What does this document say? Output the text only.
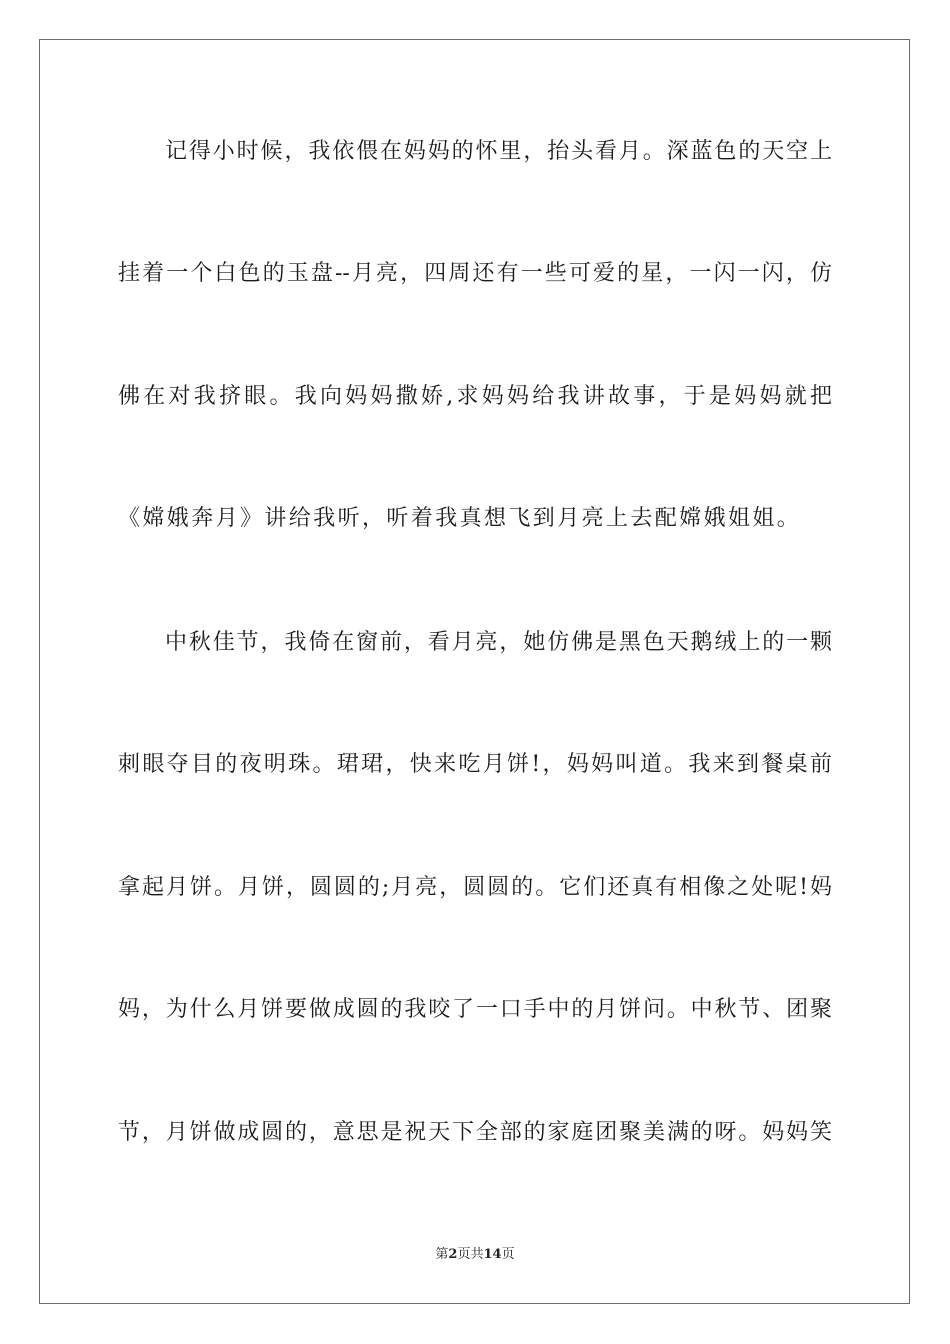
记得小时候，我依偎在妈妈的怀里，抬头看月。深蓝色的天空上
挂着一个白色的玉盘--月亮，四周还有一些可爱的星，一闪一闪，仿
佛在对我挤眼。我向妈妈撒娇,求妈妈给我讲故事，于是妈妈就把
《嫦娥奔月》讲给我听，听着我真想飞到月亮上去配嫦娥姐姐。
中秋佳节，我倚在窗前，看月亮，她仿佛是黑色天鹅绒上的一颗
刺眼夺目的夜明珠。珺珺，快来吃月饼!，妈妈叫道。我来到餐桌前
拿起月饼。月饼，圆圆的;月亮，圆圆的。它们还真有相像之处呢!妈
妈，为什么月饼要做成圆的我咬了一口手中的月饼问。中秋节、团聚
节，月饼做成圆的，意思是祝天下全部的家庭团聚美满的呀。妈妈笑
第2页共14页
